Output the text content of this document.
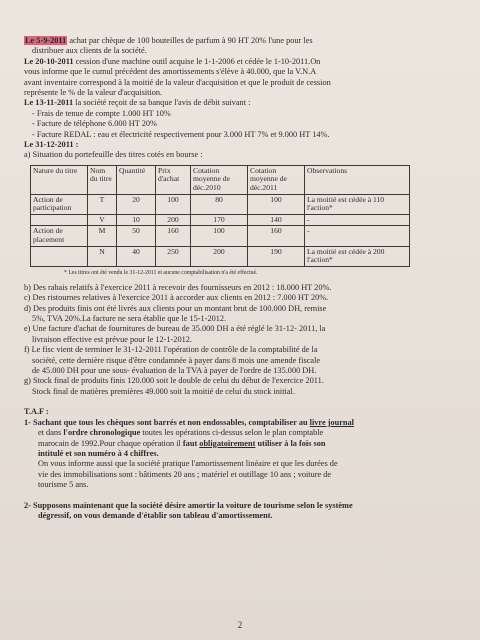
Le 5-9-2011 achat par chèque de 100 bouteilles de parfum à 90 HT 20% l'une pour les
distribuer aux clients de la société.
Le 20-10-2011 cession d'une machine outil acquise le 1-1-2006 et cédée le 1-10-2011.On
vous informe que le cumul précédent des amortissements s'élève à 40.000, que la V.N.A
avant inventaire correspond à la moitié de la valeur d'acquisition et que le produit de cession
représente le % de la valeur d'acquisition.
Le 13-11-2011 la société reçoit de sa banque l'avis de débit suivant :
- Frais de tenue de compte 1.000 HT 10%
- Facture de téléphone 6.000 HT 20%
- Facture REDAL : eau et électricité respectivement pour 3.000 HT 7% et 9.000 HT 14%.
Le 31-12-2011 :
a) Situation du portefeuille des titres cotés en bourse :
Nature du titre	Nom du titre	Quantité	Prix d'achat	Cotation moyenne de déc.2010	Cotation moyenne de déc.2011	Observations
Action de participation	T	20	100	80	100	La moitié est cédée à 110 l'action*
	V	10	200	170	140	-
Action de placement	M	50	160	100	160	-
	N	40	250	200	190	La moitié est cédée à 200 l'action*
* Les titres ont été vendu le 31-12-2011 et aucune comptabilisation n'a été effectué.
b) Des rabais relatifs à l'exercice 2011 à recevoir des fournisseurs en 2012 : 18.000 HT 20%.
c) Des ristournes relatives à l'exercice 2011 à accorder aux clients en 2012 : 7.000 HT 20%.
d) Des produits finis ont été livrés aux clients pour un montant brut de 100.000 DH, remise
5%, TVA 20%.La facture ne sera établie que le 15-1-2012.
e) Une facture d'achat de fournitures de bureau de 35.000 DH a été réglé le 31-12- 2011, la
livraison effective est prévue pour le 12-1-2012.
f) Le fisc vient de terminer le 31-12-2011 l'opération de contrôle de la comptabilité de la
société, cette dernière risque d'être condamnée à payer dans 8 mois une amende fiscale
de 45.000 DH pour une sous- évaluation de la TVA à payer de l'ordre de 135.000 DH.
g) Stock final de produits finis 120.000 soit le double de celui du début de l'exercice 2011.
Stock final de matières premières 49.000 soit la moitié de celui du stock initial.
T.A.F :
1- Sachant que tous les chèques sont barrés et non endossables, comptabiliser au livre journal
et dans l'ordre chronologique toutes les opérations ci-dessus selon le plan comptable
marocain de 1992.Pour chaque opération il faut obligatoirement utiliser à la fois son
intitulé et son numéro à 4 chiffres.
On vous informe aussi que la société pratique l'amortissement linéaire et que les durées de
vie des immobilisations sont : bâtiments 20 ans ; matériel et outillage 10 ans ; voiture de
tourisme 5 ans.
2- Supposons maintenant que la société désire amortir la voiture de tourisme selon le système
dégressif, on vous demande d'établir son tableau d'amortissement.
2
